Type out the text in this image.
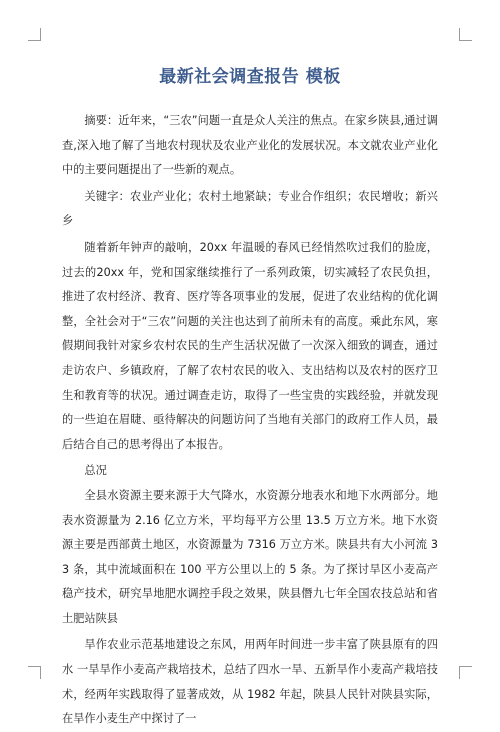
最新社会调查报告 模板

摘要：近年来，“三农”问题一直是众人关注的焦点。在家乡陕县,通过调查,深入地了解了当地农村现状及农业产业化的发展状况。本文就农业产业化中的主要问题提出了一些新的观点。

关键字：农业产业化；农村土地紧缺；专业合作组织；农民增收；新兴乡

随着新年钟声的敲响，20xx 年温暖的春风已经悄然吹过我们的脸庞，过去的20xx 年，党和国家继续推行了一系列政策，切实减轻了农民负担，推进了农村经济、教育、医疗等各项事业的发展，促进了农业结构的优化调整，全社会对于“三农”问题的关注也达到了前所未有的高度。乘此东风，寒假期间我针对家乡农村农民的生产生活状况做了一次深入细致的调查，通过走访农户、乡镇政府，了解了农村农民的收入、支出结构以及农村的医疗卫生和教育等的状况。通过调查走访，取得了一些宝贵的实践经验，并就发现的一些迫在眉睫、亟待解决的问题访问了当地有关部门的政府工作人员，最后结合自己的思考得出了本报告。

总况

全县水资源主要来源于大气降水，水资源分地表水和地下水两部分。地表水资源量为 2.16 亿立方米，平均每平方公里 13.5 万立方米。地下水资源主要是西部黄土地区，水资源量为 7316 万立方米。陕县共有大小河流 33 条，其中流域面积在 100 平方公里以上的 5 条。为了探讨旱区小麦高产稳产技术，研究旱地肥水调控手段之效果，陕县僭九七年全国农技总站和省土肥站陕县

旱作农业示范基地建设之东风，用两年时间进一步丰富了陕县原有的四水 一旱旱作小麦高产栽培技术，总结了四水一旱、五新旱作小麦高产栽培技术，经两年实践取得了显著成效，从 1982 年起，陕县人民针对陕县实际，在旱作小麦生产中探讨了一
